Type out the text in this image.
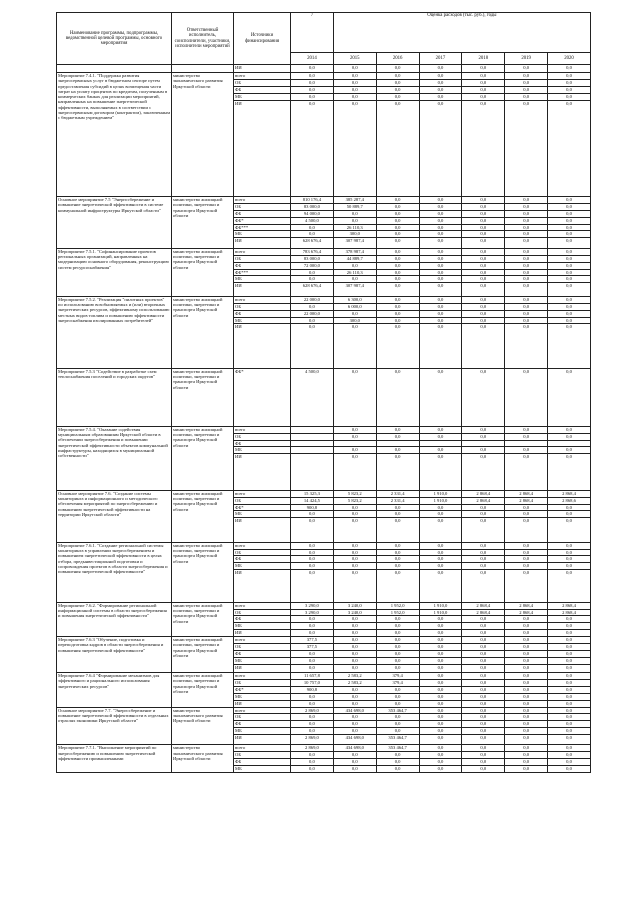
Наименование программы, подпрограммы, ведомственной целевой программы, основного мероприятия	Ответственный исполнитель, соисполнители, участники, исполнители мероприятий	Источники финансирования	7	Оценка расходов (тыс. руб.), годы					
			2014	2015	2016	2017	2018	2019	2020
		ИИ	0,0	0,0	0,0	0,0	0,0	0,0	0,0
Мероприятие 7.4.1. "Поддержка развития энергосервисных услуг в бюджетном секторе путем предоставления субсидий в целях возмещения части затрат на уплату процентов по кредитам, полученным в коммерческих банках для реализации мероприятий, направленных на повышение энергетической эффективности, выполняемых в соответствии с энергосервисным договором (контрактом), заключенным с бюджетным учреждением"	министерство экономического развития Иркутской области	всего	0,0	0,0	0,0	0,0	0,0	0,0	0,0
		ОБ	0,0	0,0	0,0	0,0	0,0	0,0	0,0
		ФБ	0,0	0,0	0,0	0,0	0,0	0,0	0,0
		МБ	0,0	0,0	0,0	0,0	0,0	0,0	0,0
		ИИ	0,0	0,0	0,0	0,0	0,0	0,0	0,0
Основное мероприятие 7.5 "Энергосбережение и повышение энергетической эффективности в системе коммунальной инфраструктуры Иркутской области"	министерство жилищной политики, энергетики и транспорта Иркутской области	всего	810 176,4	385 287,4	0,0	0,0	0,0	0,0	0,0
		ОБ	83 000,0	50 889,7	0,0	0,0	0,0	0,0	0,0
		ФБ	94 000,0	0,0	0,0	0,0	0,0	0,0	0,0
		ФБ*	4 500,0	0,0	0,0	0,0	0,0	0,0	0,0
		ФБ***	0,0	26 110,3	0,0	0,0	0,0	0,0	0,0
		МБ	0,0	300,0	0,0	0,0	0,0	0,0	0,0
		ИИ	628 676,4	307 987,4	0,0	0,0	0,0	0,0	0,0
Мероприятие 7.5.1. "Софинансирование проектов региональных организаций, направленных на модернизацию основного оборудования, реконструкцию систем ресурсоснабжения"	министерство жилищной политики, энергетики и транспорта Иркутской области	всего	783 676,4	378 987,4	0,0	0,0	0,0	0,0	0,0
		ОБ	83 000,0	44 889,7	0,0	0,0	0,0	0,0	0,0
		ФБ	72 000,0	0,0	0,0	0,0	0,0	0,0	0,0
		ФБ***	0,0	26 110,3	0,0	0,0	0,0	0,0	0,0
		МБ	0,0	0,0	0,0	0,0	0,0	0,0	0,0
		ИИ	628 676,4	307 987,4	0,0	0,0	0,0	0,0	0,0
Мероприятие 7.5.2. "Реализация "пилотных проектов" по использованию возобновляемых и (или) вторичных энергетических ресурсов, эффективному использованию местных видов топлива и повышению эффективности энергоснабжения изолированных потребителей"	министерство жилищной политики, энергетики и транспорта Иркутской области	всего	22 000,0	6 300,0	0,0	0,0	0,0	0,0	0,0
		ОБ	0,0	6 000,0	0,0	0,0	0,0	0,0	0,0
		ФБ	22 000,0	0,0	0,0	0,0	0,0	0,0	0,0
		МБ	0,0	300,0	0,0	0,0	0,0	0,0	0,0
		ИИ	0,0	0,0	0,0	0,0	0,0	0,0	0,0
Мероприятие 7.5.3 "Содействие в разработке схем теплоснабжения поселений и городских округов"	министерство жилищной политики, энергетики и транспорта Иркутской области	ФБ*	4 500,0	0,0	0,0	0,0	0,0	0,0	0,0
Мероприятие 7.5.4. "Оказание содействия муниципальным образованиям Иркутской области в обеспечении энергосбережения и повышении энергетической эффективности объектов коммунальной инфраструктуры, находящихся в муниципальной собственности"	министерство жилищной политики, энергетики и транспорта Иркутской области	всего		0,0	0,0	0,0	0,0	0,0	0,0
		ОБ		0,0	0,0	0,0	0,0	0,0	0,0
		ФБ							
		МБ		0,0	0,0	0,0	0,0	0,0	0,0
		ИИ		0,0	0,0	0,0	0,0	0,0	0,0
Основное мероприятие 7.6. "Создание системы мониторинга и информационного и методического обеспечения мероприятий по энергосбережению и повышению энергетической эффективности на территории Иркутской области"	министерство жилищной политики, энергетики и транспорта Иркутской области	всего	15 325,3	5 823,2	2 331,4	1 910,0	2 868,4	2 868,4	2 868,4
		ОБ	14 424,5	5 823,2	2 331,4	1 910,0	2 868,4	2 868,4	2 868,6
		ФБ*	900,8	0,0	0,0	0,0	0,0	0,0	0,0
		МБ	0,0	0,0	0,0	0,0	0,0	0,0	0,0
		ИИ	0,0	0,0	0,0	0,0	0,0	0,0	0,0
Мероприятие 7.6.1. "Создание региональной системы мониторинга в управлении энергосбережением и повышением энергетической эффективности в целях отбора, предынвестиционной подготовки и сопровождения проектов в области энергосбережения и повышения энергетической эффективности"	министерство жилищной политики, энергетики и транспорта Иркутской области	всего	0,0	0,0	0,0	0,0	0,0	0,0	0,0
		ОБ	0,0	0,0	0,0	0,0	0,0	0,0	0,0
		ФБ	0,0	0,0	0,0	0,0	0,0	0,0	0,0
		МБ	0,0	0,0	0,0	0,0	0,0	0,0	0,0
		ИИ	0,0	0,0	0,0	0,0	0,0	0,0	0,0
Мероприятие 7.6.2. "Формирование региональной информационной системы в области энергосбережения и повышения энергетической эффективности"	министерство жилищной политики, энергетики и транспорта Иркутской области	всего	3 290,0	3 240,0	1 952,0	1 910,0	2 868,4	2 868,4	2 868,4
		ОБ	3 290,0	3 240,0	1 952,0	1 910,0	2 868,4	2 868,4	2 868,4
		ФБ	0,0	0,0	0,0	0,0	0,0	0,0	0,0
		МБ	0,0	0,0	0,0	0,0	0,0	0,0	0,0
		ИИ	0,0	0,0	0,0	0,0	0,0	0,0	0,0
Мероприятие 7.6.3 "Обучение, подготовка и переподготовка кадров в области энергосбережения и повышения энергетической эффективности"	министерство жилищной политики, энергетики и транспорта Иркутской области	всего	377,5	0,0	0,0	0,0	0,0	0,0	0,0
		ОБ	377,5	0,0	0,0	0,0	0,0	0,0	0,0
		ФБ	0,0	0,0	0,0	0,0	0,0	0,0	0,0
		МБ	0,0	0,0	0,0	0,0	0,0	0,0	0,0
		ИИ	0,0	0,0	0,0	0,0	0,0	0,0	0,0
Мероприятие 7.6.4 "Формирование механизмов для эффективного и рационального использования энергетических ресурсов"	министерство жилищной политики, энергетики и транспорта Иркутской области	всего	11 657,8	2 583,2	379,4	0,0	0,0	0,0	0,0
		ОБ	10 757,0	2 583,2	379,4	0,0	0,0	0,0	0,0
		ФБ*	900,8	0,0	0,0	0,0	0,0	0,0	0,0
		МБ	0,0	0,0	0,0	0,0	0,0	0,0	0,0
		ИИ	0,0	0,0	0,0	0,0	0,0	0,0	0,0
Основное мероприятие 7.7. "Энергосбережение и повышение энергетической эффективности в отдельных отраслях экономики Иркутской области"	министерство экономического развития Иркутской области	всего	2 869,0	434 698,0	353 464,7	0,0	0,0	0,0	0,0
		ОБ	0,0	0,0	0,0	0,0	0,0	0,0	0,0
		ФБ	0,0	0,0	0,0	0,0	0,0	0,0	0,0
		МБ	0,0	0,0	0,0	0,0	0,0	0,0	0,0
		ИИ	2 869,0	434 698,0	353 464,7	0,0	0,0	0,0	0,0
Мероприятие 7.7.1. "Выполнение мероприятий по энергосбережению и повышению энергетической эффективности промышленными	министерство экономического развития Иркутской области	всего	2 869,0	434 698,0	353 464,7	0,0	0,0	0,0	0,0
		ОБ	0,0	0,0	0,0	0,0	0,0	0,0	0,0
		ФБ	0,0	0,0	0,0	0,0	0,0	0,0	0,0
		МБ	0,0	0,0	0,0	0,0	0,0	0,0	0,0
